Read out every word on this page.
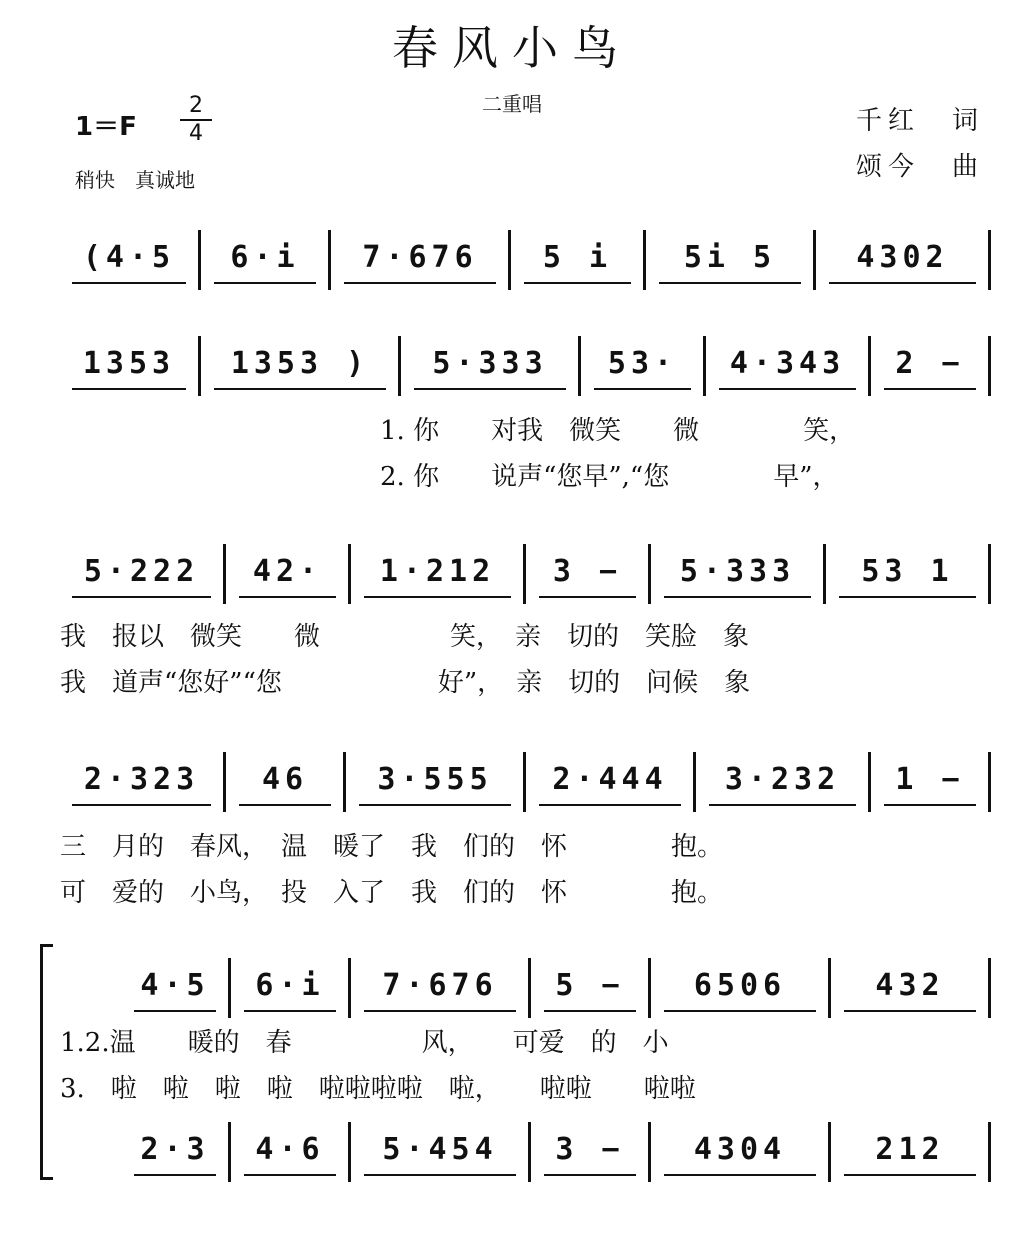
春风小鸟
二重唱
1＝F
2
4
稍快　真诚地
千红　词
颂今　曲
(4·5	6·i	7·676	5 i	5i 5	4302
1353	1353 )	5·333	53·	4·343	2 −
5·222	42·	1·212	3 −	5·333	53 1
2·323	46	3·555	2·444	3·232	1 −
4·5	6·i	7·676	5 −	6506	432
2·3	4·6	5·454	3 −	4304	212
1. 你　　对我　微笑　　微　　　　笑，
2. 你　　说声“您早”,“您　　　　早”，
我　报以　微笑　　微　　　　　笑，　亲　切的　笑脸　象
我　道声“您好”“您　　　　　　好”，　亲　切的　问候　象
三　月的　春风，　温　暖了　我　们的　怀　　　　抱。
可　爱的　小鸟，　投　入了　我　们的　怀　　　　抱。
1.2.温　　暖的　春　　　　　风，　　可爱　的　小
3.　啦　啦　啦　啦　啦啦啦啦　啦，　　啦啦　　啦啦
